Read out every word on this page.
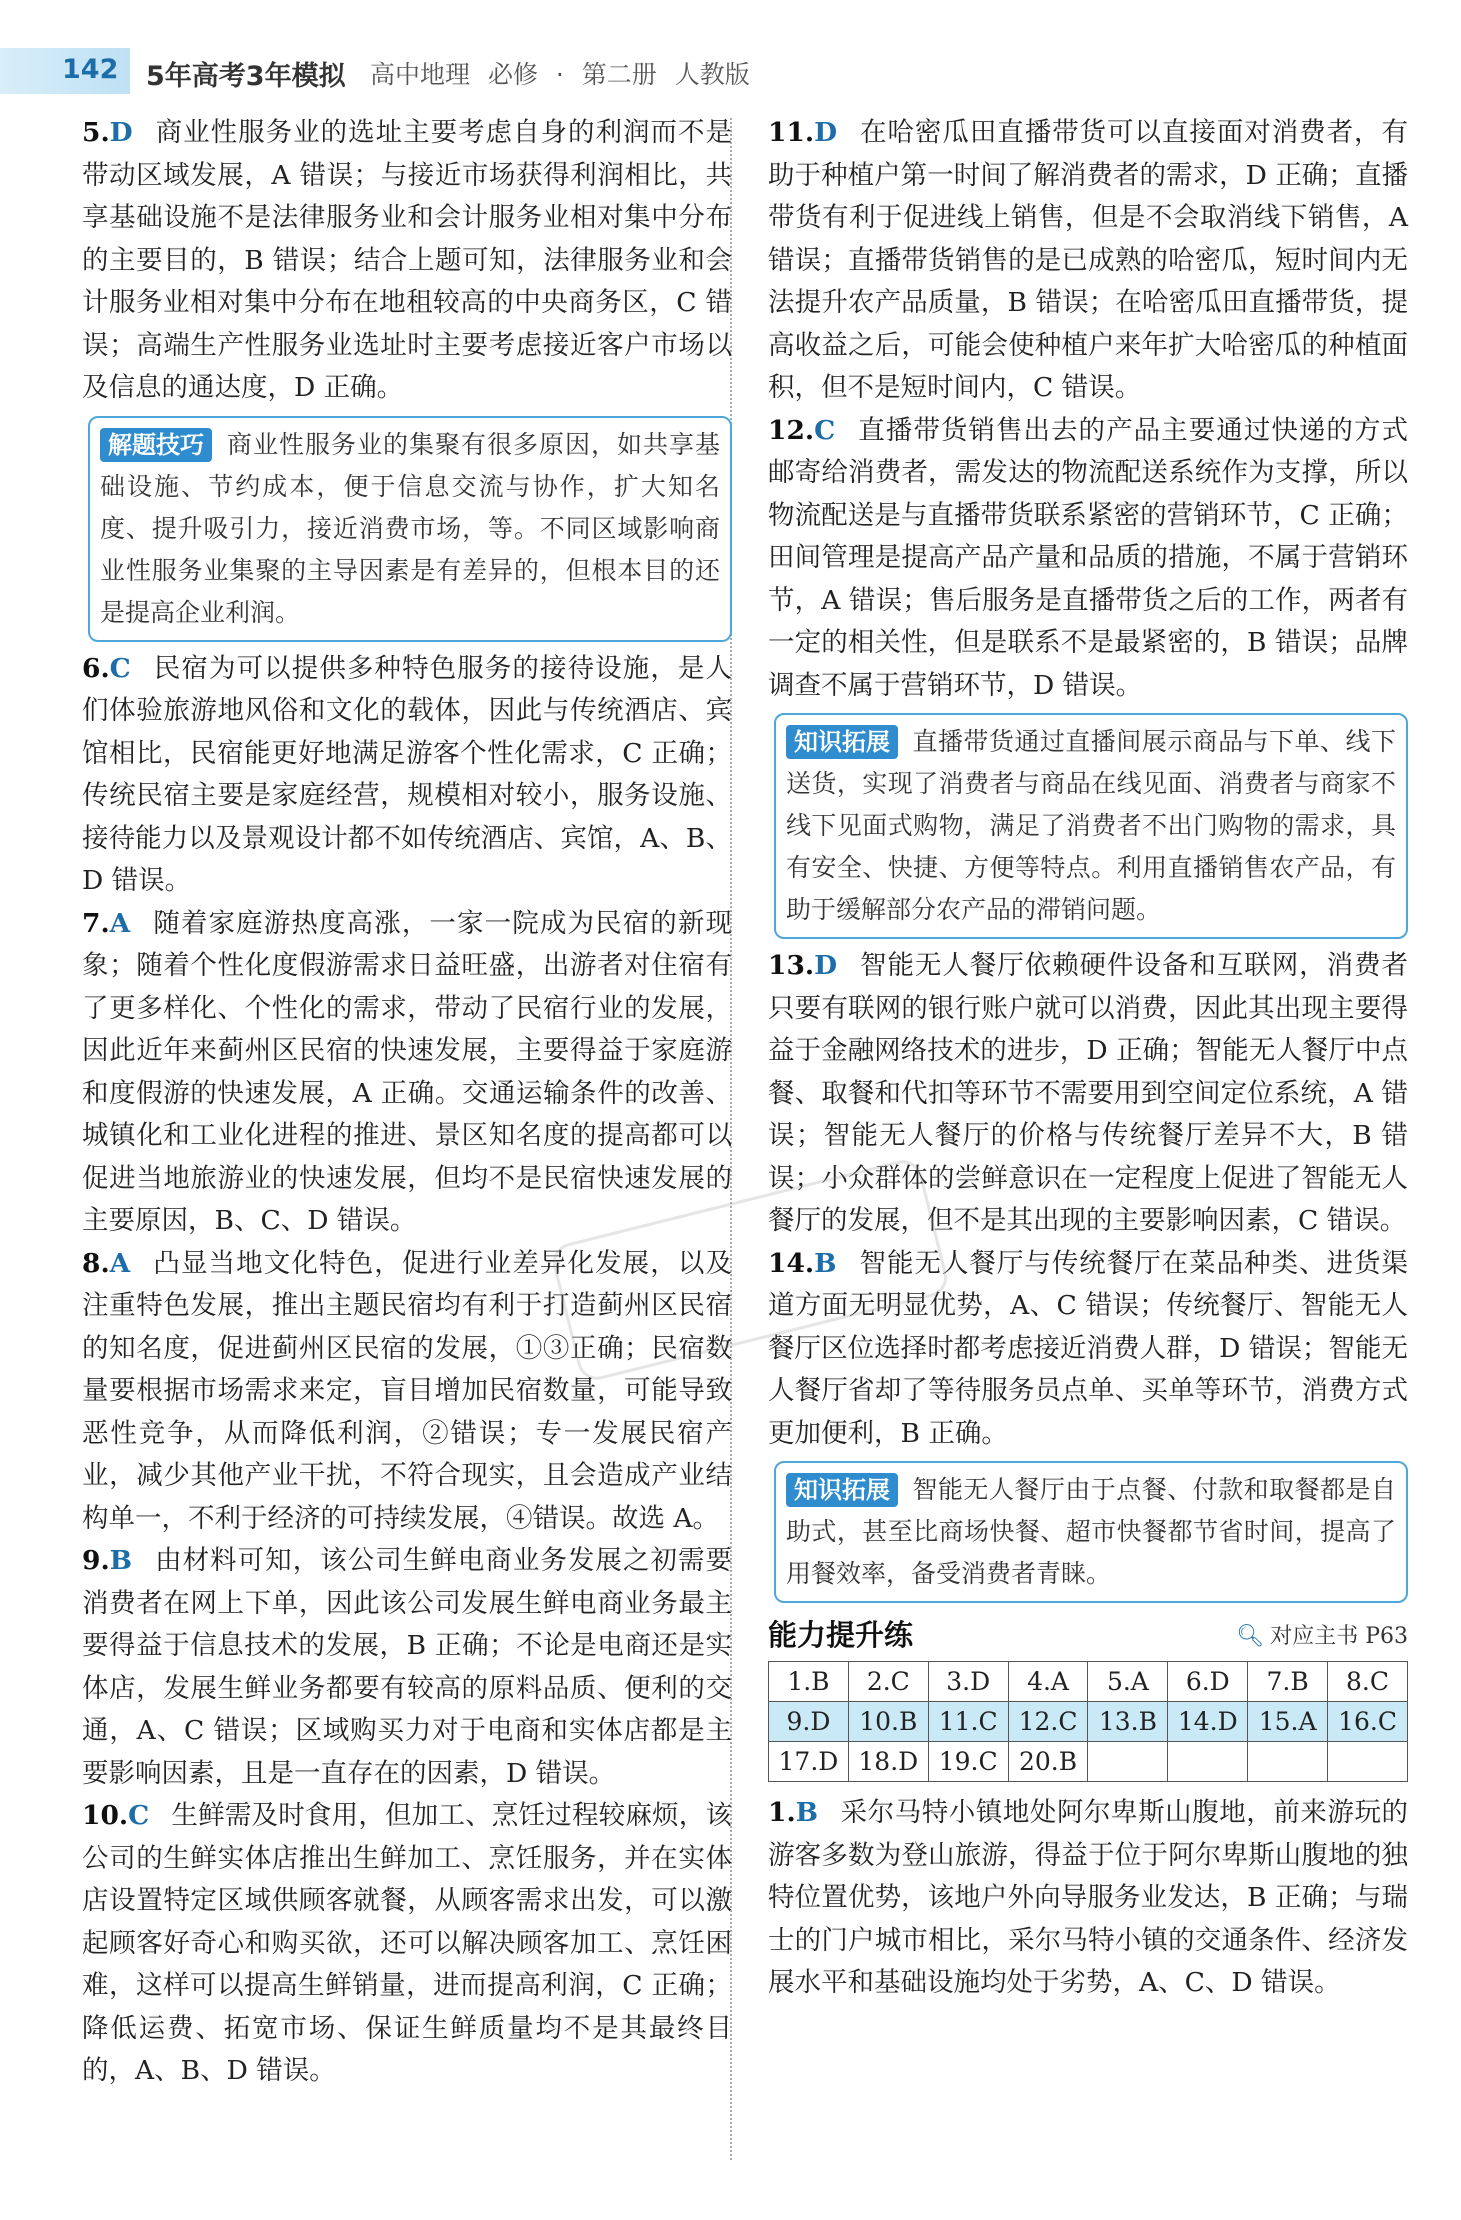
142 5年高考3年模拟 高中地理 必修 · 第二册 人教版

5.D 商业性服务业的选址主要考虑自身的利润而不是带动区域发展，A 错误；与接近市场获得利润相比，共享基础设施不是法律服务业和会计服务业相对集中分布的主要目的，B 错误；结合上题可知，法律服务业和会计服务业相对集中分布在地租较高的中央商务区，C 错误；高端生产性服务业选址时主要考虑接近客户市场以及信息的通达度，D 正确。

解题技巧 商业性服务业的集聚有很多原因，如共享基础设施、节约成本，便于信息交流与协作，扩大知名度、提升吸引力，接近消费市场，等。不同区域影响商业性服务业集聚的主导因素是有差异的，但根本目的还是提高企业利润。

6.C 民宿为可以提供多种特色服务的接待设施，是人们体验旅游地风俗和文化的载体，因此与传统酒店、宾馆相比，民宿能更好地满足游客个性化需求，C 正确；传统民宿主要是家庭经营，规模相对较小，服务设施、接待能力以及景观设计都不如传统酒店、宾馆，A、B、D 错误。

7.A 随着家庭游热度高涨，一家一院成为民宿的新现象；随着个性化度假游需求日益旺盛，出游者对住宿有了更多样化、个性化的需求，带动了民宿行业的发展，因此近年来蓟州区民宿的快速发展，主要得益于家庭游和度假游的快速发展，A 正确。交通运输条件的改善、城镇化和工业化进程的推进、景区知名度的提高都可以促进当地旅游业的快速发展，但均不是民宿快速发展的主要原因，B、C、D 错误。

8.A 凸显当地文化特色，促进行业差异化发展，以及注重特色发展，推出主题民宿均有利于打造蓟州区民宿的知名度，促进蓟州区民宿的发展，①③正确；民宿数量要根据市场需求来定，盲目增加民宿数量，可能导致恶性竞争，从而降低利润，②错误；专一发展民宿产业，减少其他产业干扰，不符合现实，且会造成产业结构单一，不利于经济的可持续发展，④错误。故选 A。

9.B 由材料可知，该公司生鲜电商业务发展之初需要消费者在网上下单，因此该公司发展生鲜电商业务最主要得益于信息技术的发展，B 正确；不论是电商还是实体店，发展生鲜业务都要有较高的原料品质、便利的交通，A、C 错误；区域购买力对于电商和实体店都是主要影响因素，且是一直存在的因素，D 错误。

10.C 生鲜需及时食用，但加工、烹饪过程较麻烦，该公司的生鲜实体店推出生鲜加工、烹饪服务，并在实体店设置特定区域供顾客就餐，从顾客需求出发，可以激起顾客好奇心和购买欲，还可以解决顾客加工、烹饪困难，这样可以提高生鲜销量，进而提高利润，C 正确；降低运费、拓宽市场、保证生鲜质量均不是其最终目的，A、B、D 错误。

11.D 在哈密瓜田直播带货可以直接面对消费者，有助于种植户第一时间了解消费者的需求，D 正确；直播带货有利于促进线上销售，但是不会取消线下销售，A 错误；直播带货销售的是已成熟的哈密瓜，短时间内无法提升农产品质量，B 错误；在哈密瓜田直播带货，提高收益之后，可能会使种植户来年扩大哈密瓜的种植面积，但不是短时间内，C 错误。

12.C 直播带货销售出去的产品主要通过快递的方式邮寄给消费者，需发达的物流配送系统作为支撑，所以物流配送是与直播带货联系紧密的营销环节，C 正确；田间管理是提高产品产量和品质的措施，不属于营销环节，A 错误；售后服务是直播带货之后的工作，两者有一定的相关性，但是联系不是最紧密的，B 错误；品牌调查不属于营销环节，D 错误。

知识拓展 直播带货通过直播间展示商品与下单、线下送货，实现了消费者与商品在线见面、消费者与商家不线下见面式购物，满足了消费者不出门购物的需求，具有安全、快捷、方便等特点。利用直播销售农产品，有助于缓解部分农产品的滞销问题。

13.D 智能无人餐厅依赖硬件设备和互联网，消费者只要有联网的银行账户就可以消费，因此其出现主要得益于金融网络技术的进步，D 正确；智能无人餐厅中点餐、取餐和代扣等环节不需要用到空间定位系统，A 错误；智能无人餐厅的价格与传统餐厅差异不大，B 错误；小众群体的尝鲜意识在一定程度上促进了智能无人餐厅的发展，但不是其出现的主要影响因素，C 错误。

14.B 智能无人餐厅与传统餐厅在菜品种类、进货渠道方面无明显优势，A、C 错误；传统餐厅、智能无人餐厅区位选择时都考虑接近消费人群，D 错误；智能无人餐厅省却了等待服务员点单、买单等环节，消费方式更加便利，B 正确。

知识拓展 智能无人餐厅由于点餐、付款和取餐都是自助式，甚至比商场快餐、超市快餐都节省时间，提高了用餐效率，备受消费者青睐。
能力提升练	🔍︎ 对应主书 P63
1.B	2.C	3.D	4.A	5.A	6.D	7.B	8.C
9.D	10.B	11.C	12.C	13.B	14.D	15.A	16.C
17.D	18.D	19.C	20.B				

1.B 采尔马特小镇地处阿尔卑斯山腹地，前来游玩的游客多数为登山旅游，得益于位于阿尔卑斯山腹地的独特位置优势，该地户外向导服务业发达，B 正确；与瑞士的门户城市相比，采尔马特小镇的交通条件、经济发展水平和基础设施均处于劣势，A、C、D 错误。
